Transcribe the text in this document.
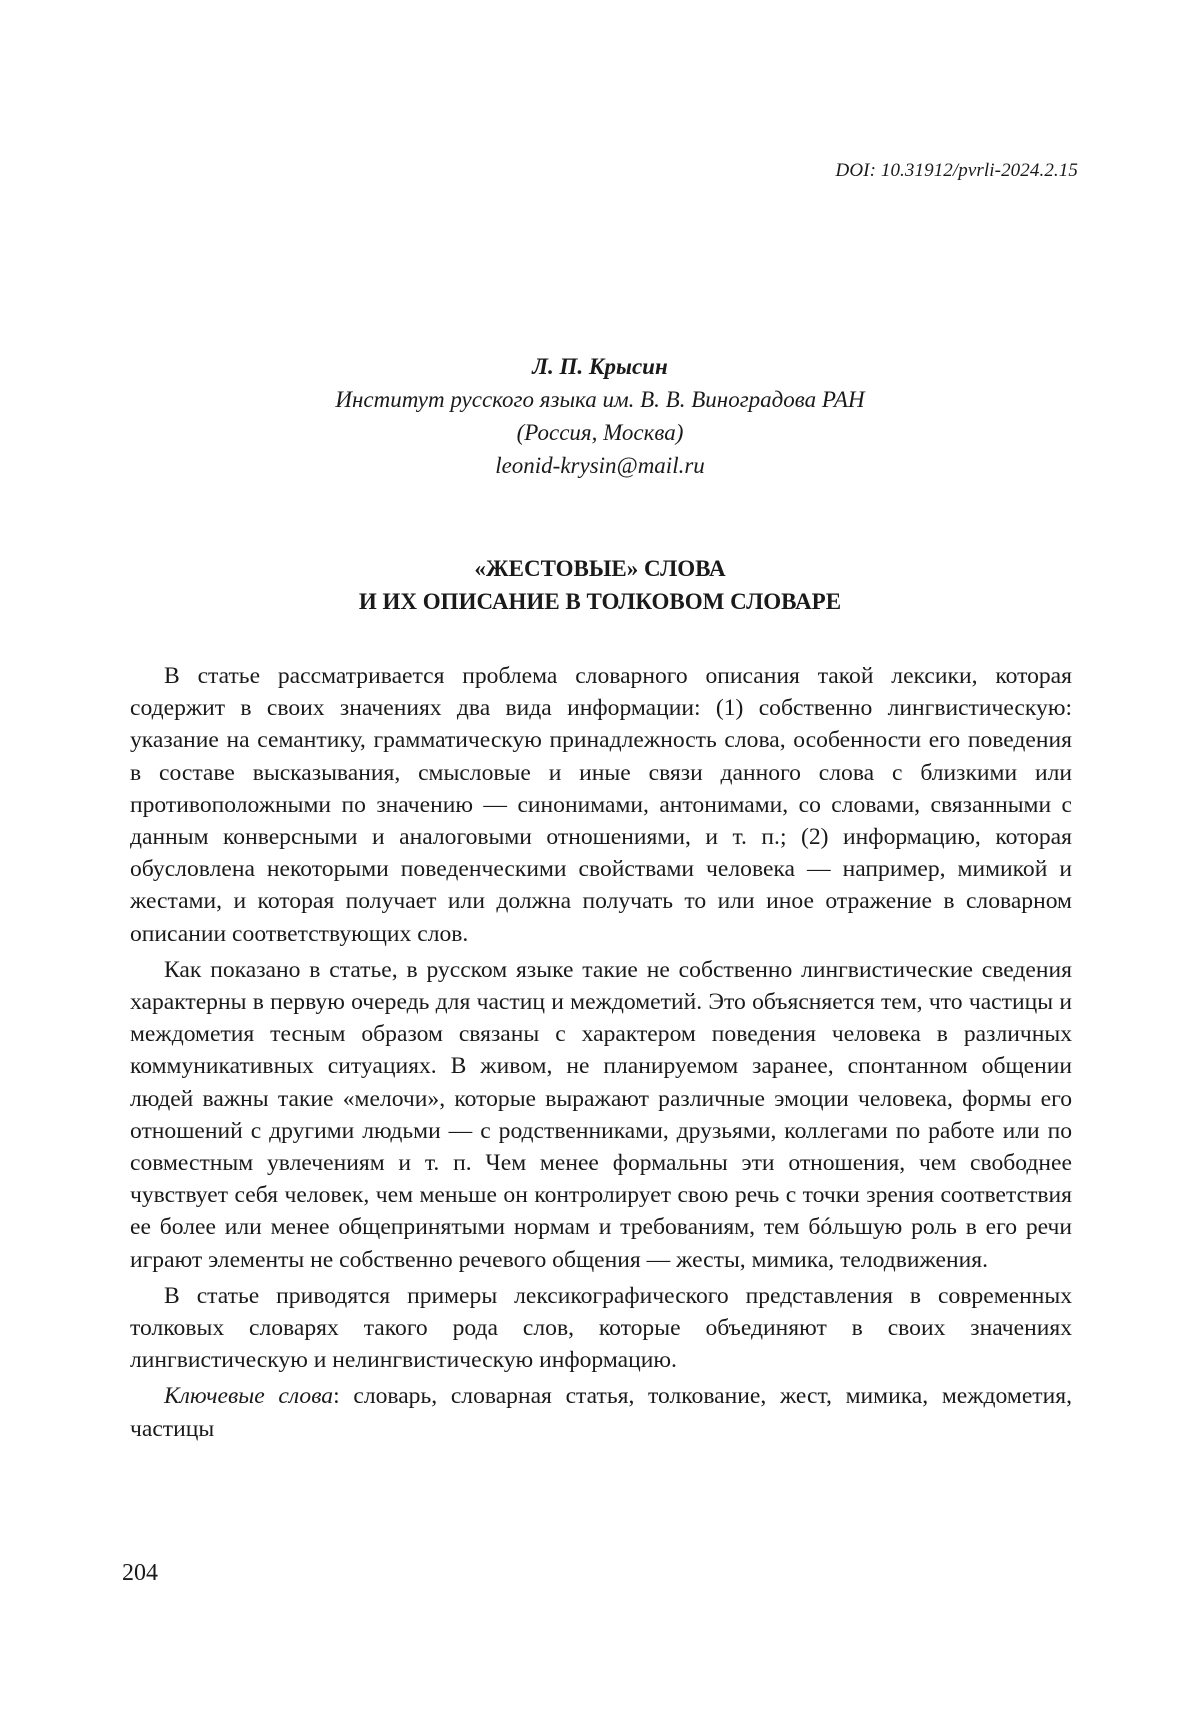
DOI: 10.31912/pvrli-2024.2.15
Л. П. Крысин
Институт русского языка им. В. В. Виноградова РАН
(Россия, Москва)
leonid-krysin@mail.ru
«ЖЕСТОВЫЕ» СЛОВА
И ИХ ОПИСАНИЕ В ТОЛКОВОМ СЛОВАРЕ

В статье рассматривается проблема словарного описания такой лексики, которая содержит в своих значениях два вида информации: (1) собственно лингвистическую: указание на семантику, грамматическую принадлежность слова, особенности его поведения в составе высказывания, смысловые и иные связи данного слова с близкими или противоположными по значению — синонимами, антонимами, со словами, связанными с данным конверсными и аналоговыми отношениями, и т. п.; (2) информацию, которая обусловлена некоторыми поведенческими свойствами человека — например, мимикой и жестами, и которая получает или должна получать то или иное отражение в словарном описании соответствующих слов.

Как показано в статье, в русском языке такие не собственно лингвистические сведения характерны в первую очередь для частиц и междометий. Это объясняется тем, что частицы и междометия тесным образом связаны с характером поведения человека в различных коммуникативных ситуациях. В живом, не планируемом заранее, спонтанном общении людей важны такие «мелочи», которые выражают различные эмоции человека, формы его отношений с другими людьми — с родственниками, друзьями, коллегами по работе или по совместным увлечениям и т. п. Чем менее формальны эти отношения, чем свободнее чувствует себя человек, чем меньше он контролирует свою речь с точки зрения соответствия ее более или менее общепринятыми нормам и требованиям, тем бóльшую роль в его речи играют элементы не собственно речевого общения — жесты, мимика, телодвижения.

В статье приводятся примеры лексикографического представления в современных толковых словарях такого рода слов, которые объединяют в своих значениях лингвистическую и нелингвистическую информацию.

Ключевые слова: словарь, словарная статья, толкование, жест, мимика, междометия, частицы

204
